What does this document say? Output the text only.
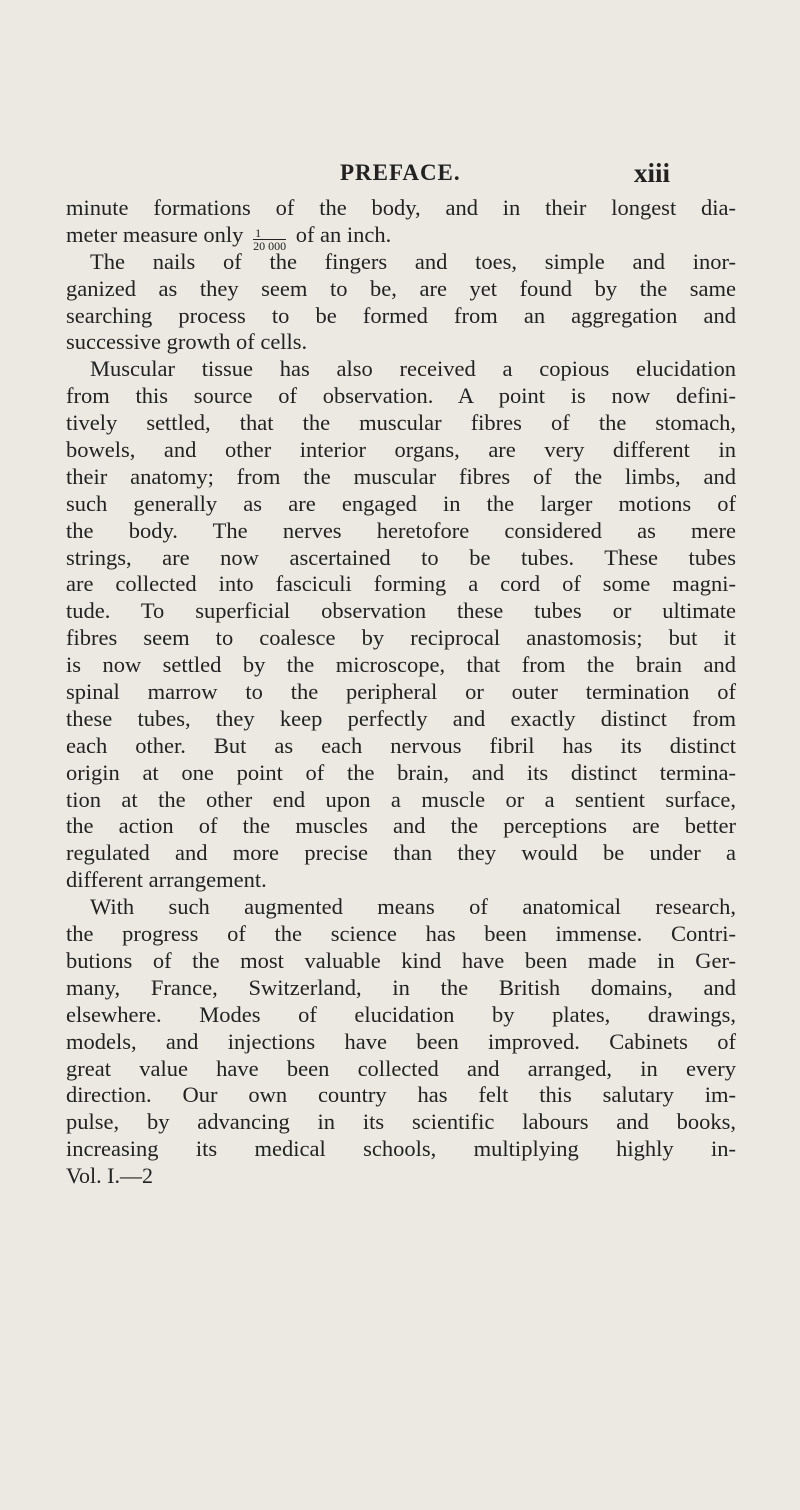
PREFACE.	xiii
minute formations of the body, and in their longest dia-
meter measure only $\frac{1}{20 000}$ of an inch.
The nails of the fingers and toes, simple and inor-
ganized as they seem to be, are yet found by the same
searching process to be formed from an aggregation and
successive growth of cells.
Muscular tissue has also received a copious elucidation
from this source of observation. A point is now defini-
tively settled, that the muscular fibres of the stomach,
bowels, and other interior organs, are very different in
their anatomy; from the muscular fibres of the limbs, and
such generally as are engaged in the larger motions of
the body. The nerves heretofore considered as mere
strings, are now ascertained to be tubes. These tubes
are collected into fasciculi forming a cord of some magni-
tude. To superficial observation these tubes or ultimate
fibres seem to coalesce by reciprocal anastomosis; but it
is now settled by the microscope, that from the brain and
spinal marrow to the peripheral or outer termination of
these tubes, they keep perfectly and exactly distinct from
each other. But as each nervous fibril has its distinct
origin at one point of the brain, and its distinct termina-
tion at the other end upon a muscle or a sentient surface,
the action of the muscles and the perceptions are better
regulated and more precise than they would be under a
different arrangement.
With such augmented means of anatomical research,
the progress of the science has been immense. Contri-
butions of the most valuable kind have been made in Ger-
many, France, Switzerland, in the British domains, and
elsewhere. Modes of elucidation by plates, drawings,
models, and injections have been improved. Cabinets of
great value have been collected and arranged, in every
direction. Our own country has felt this salutary im-
pulse, by advancing in its scientific labours and books,
increasing its medical schools, multiplying highly in-
Vol. I.—2
